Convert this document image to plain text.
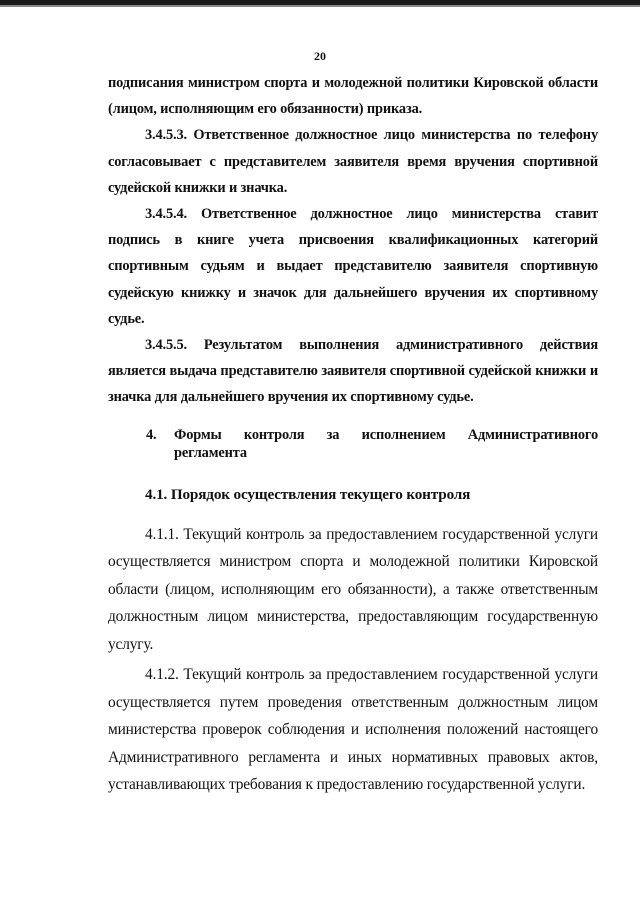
20

подписания министром спорта и молодежной политики Кировской области (лицом, исполняющим его обязанности) приказа.

3.4.5.3. Ответственное должностное лицо министерства по телефону согласовывает с представителем заявителя время вручения спортивной судейской книжки и значка.

3.4.5.4. Ответственное должностное лицо министерства ставит подпись в книге учета присвоения квалификационных категорий спортивным судьям и выдает представителю заявителя спортивную судейскую книжку и значок для дальнейшего вручения их спортивному судье.

3.4.5.5. Результатом выполнения административного действия является выдача представителю заявителя спортивной судейской книжки и значка для дальнейшего вручения их спортивному судье.

4. Формы контроля за исполнением Административного
регламента

4.1. Порядок осуществления текущего контроля

4.1.1. Текущий контроль за предоставлением государственной услуги осуществляется министром спорта и молодежной политики Кировской области (лицом, исполняющим его обязанности), а также ответственным должностным лицом министерства, предоставляющим государственную услугу.

4.1.2. Текущий контроль за предоставлением государственной услуги осуществляется путем проведения ответственным должностным лицом министерства проверок соблюдения и исполнения положений настоящего Административного регламента и иных нормативных правовых актов, устанавливающих требования к предоставлению государственной услуги.
